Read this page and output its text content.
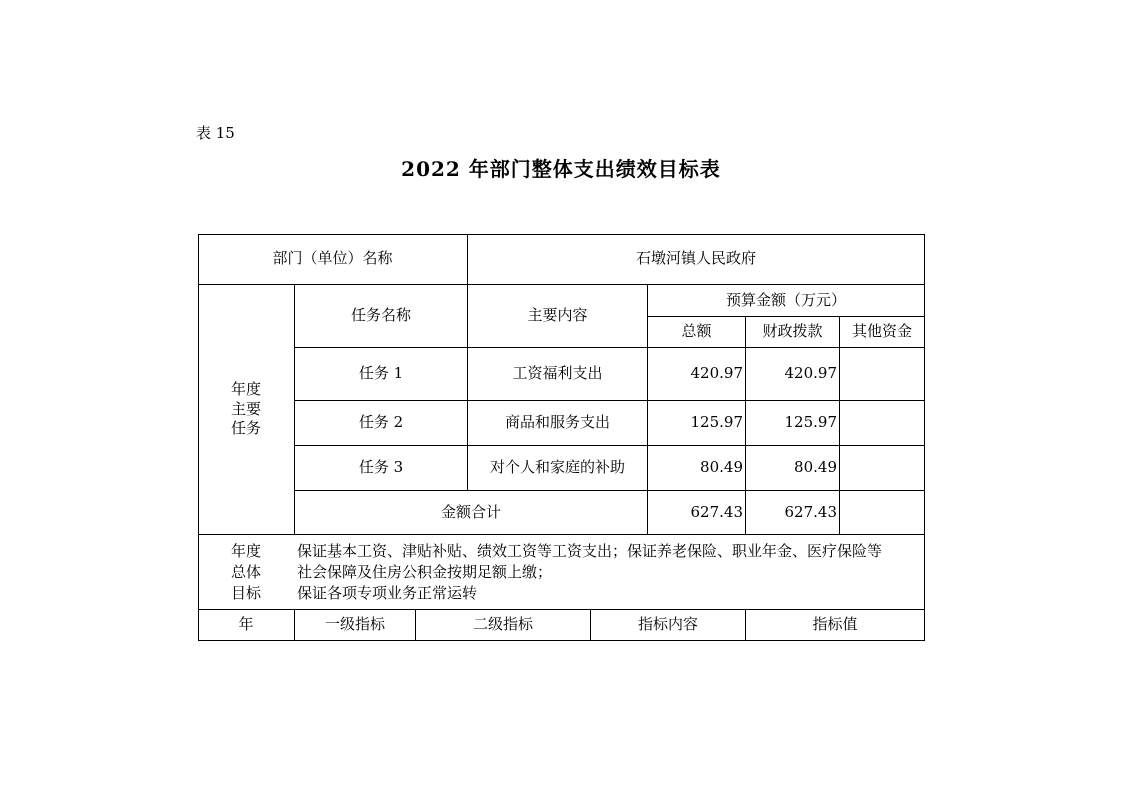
表 15
2022 年部门整体支出绩效目标表
部门（单位）名称	石墩河镇人民政府
年度
主要
任务
任务名称	主要内容
预算金额（万元）
总额	财政拨款	其他资金
任务 1	工资福利支出	420.97	420.97
任务 2	商品和服务支出	125.97	125.97
任务 3	对个人和家庭的补助	80.49	80.49
金额合计	627.43	627.43
年度
总体
目标
保证基本工资、津贴补贴、绩效工资等工资支出；保证养老保险、职业年金、医疗保险等
社会保障及住房公积金按期足额上缴；
保证各项专项业务正常运转
年	一级指标	二级指标	指标内容	指标值
